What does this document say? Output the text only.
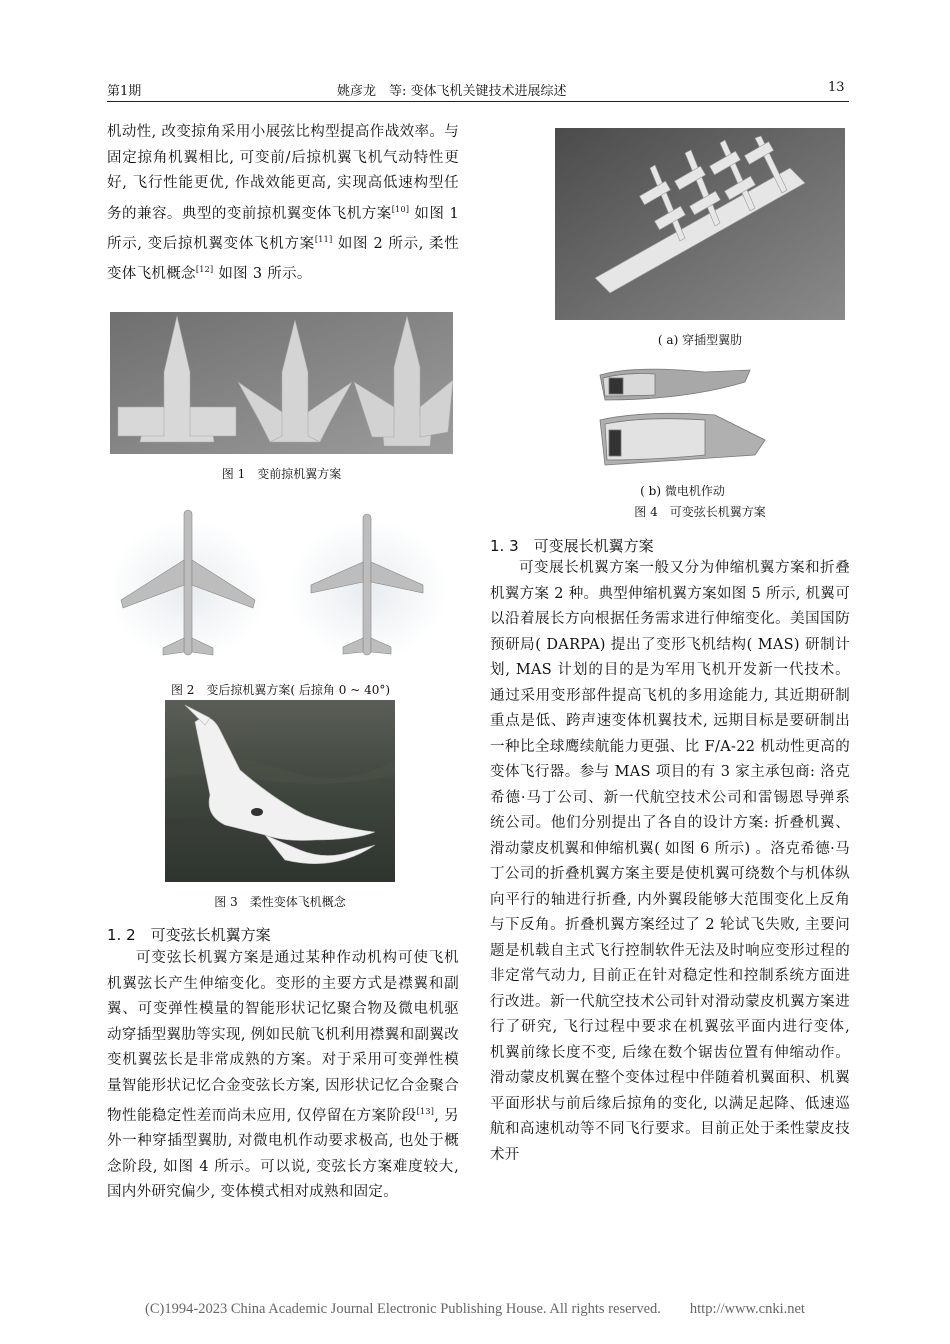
第1期	姚彦龙　等: 变体飞机关键技术进展综述	13

机动性, 改变掠角采用小展弦比构型提高作战效率。与固定掠角机翼相比, 可变前/后掠机翼飞机气动特性更好, 飞行性能更优, 作战效能更高, 实现高低速构型任务的兼容。典型的变前掠机翼变体飞机方案[10] 如图 1 所示, 变后掠机翼变体飞机方案[11] 如图 2 所示, 柔性变体飞机概念[12] 如图 3 所示。

图 1　变前掠机翼方案
图 2　变后掠机翼方案( 后掠角 0 ~ 40°)
图 3　柔性变体飞机概念
1. 2　可变弦长机翼方案

可变弦长机翼方案是通过某种作动机构可使飞机机翼弦长产生伸缩变化。变形的主要方式是襟翼和副翼、可变弹性模量的智能形状记忆聚合物及微电机驱动穿插型翼肋等实现, 例如民航飞机利用襟翼和副翼改变机翼弦长是非常成熟的方案。对于采用可变弹性模量智能形状记忆合金变弦长方案, 因形状记忆合金聚合物性能稳定性差而尚未应用, 仅停留在方案阶段[13], 另外一种穿插型翼肋, 对微电机作动要求极高, 也处于概念阶段, 如图 4 所示。可以说, 变弦长方案难度较大, 国内外研究偏少, 变体模式相对成熟和固定。

( a) 穿插型翼肋
( b) 微电机作动
图 4　可变弦长机翼方案
1. 3　可变展长机翼方案

可变展长机翼方案一般又分为伸缩机翼方案和折叠机翼方案 2 种。典型伸缩机翼方案如图 5 所示, 机翼可以沿着展长方向根据任务需求进行伸缩变化。美国国防预研局( DARPA) 提出了变形飞机结构( MAS) 研制计划, MAS 计划的目的是为军用飞机开发新一代技术。通过采用变形部件提高飞机的多用途能力, 其近期研制重点是低、跨声速变体机翼技术, 远期目标是要研制出一种比全球鹰续航能力更强、比 F/A-22 机动性更高的变体飞行器。参与 MAS 项目的有 3 家主承包商: 洛克希德·马丁公司、新一代航空技术公司和雷锡恩导弹系统公司。他们分别提出了各自的设计方案: 折叠机翼、滑动蒙皮机翼和伸缩机翼( 如图 6 所示) 。洛克希德·马丁公司的折叠机翼方案主要是使机翼可绕数个与机体纵向平行的轴进行折叠, 内外翼段能够大范围变化上反角与下反角。折叠机翼方案经过了 2 轮试飞失败, 主要问题是机载自主式飞行控制软件无法及时响应变形过程的非定常气动力, 目前正在针对稳定性和控制系统方面进行改进。新一代航空技术公司针对滑动蒙皮机翼方案进行了研究, 飞行过程中要求在机翼弦平面内进行变体, 机翼前缘长度不变, 后缘在数个锯齿位置有伸缩动作。滑动蒙皮机翼在整个变体过程中伴随着机翼面积、机翼平面形状与前后缘后掠角的变化, 以满足起降、低速巡航和高速机动等不同飞行要求。目前正处于柔性蒙皮技术开

(C)1994-2023 China Academic Journal Electronic Publishing House. All rights reserved.　　http://www.cnki.net
